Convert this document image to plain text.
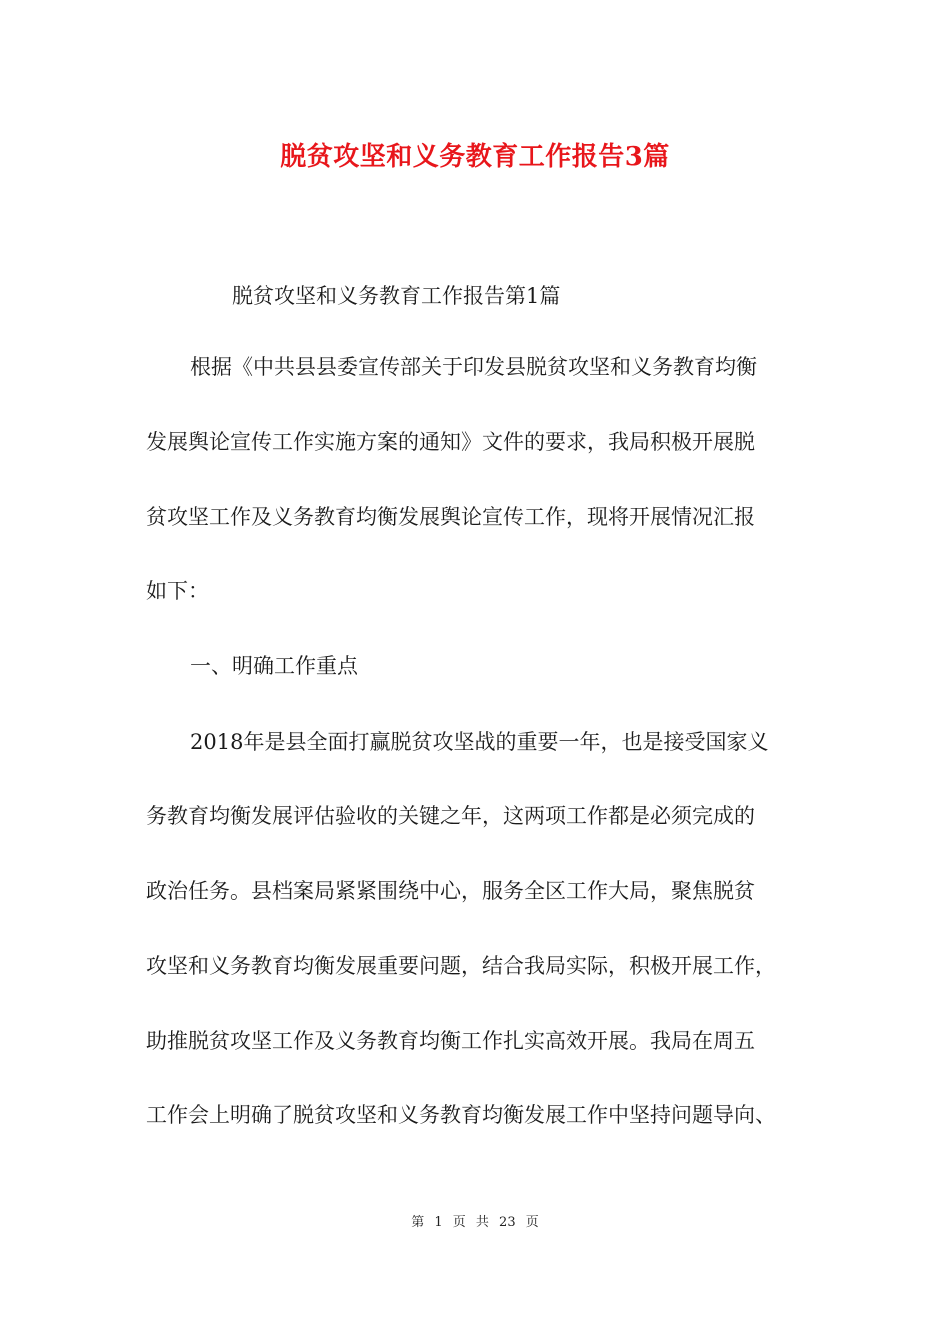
脱贫攻坚和义务教育工作报告3篇
脱贫攻坚和义务教育工作报告第1篇
根据《中共县县委宣传部关于印发县脱贫攻坚和义务教育均衡
发展舆论宣传工作实施方案的通知》文件的要求，我局积极开展脱
贫攻坚工作及义务教育均衡发展舆论宣传工作，现将开展情况汇报
如下：
一、明确工作重点
2018年是县全面打赢脱贫攻坚战的重要一年，也是接受国家义
务教育均衡发展评估验收的关键之年，这两项工作都是必须完成的
政治任务。县档案局紧紧围绕中心，服务全区工作大局，聚焦脱贫
攻坚和义务教育均衡发展重要问题，结合我局实际，积极开展工作，
助推脱贫攻坚工作及义务教育均衡工作扎实高效开展。我局在周五
工作会上明确了脱贫攻坚和义务教育均衡发展工作中坚持问题导向、
第 1 页 共 23 页
